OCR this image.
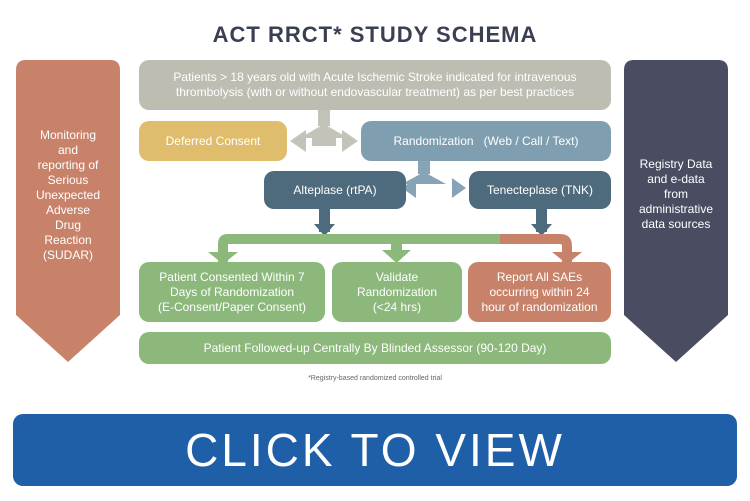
ACT RRCT* STUDY SCHEMA
Monitoring
and
reporting of
Serious
Unexpected
Adverse
Drug
Reaction
(SUDAR)
Registry Data
and e-data
from
administrative
data sources
Patients > 18 years old with Acute Ischemic Stroke indicated for intravenous
thrombolysis (with or without endovascular treatment) as per best practices
Deferred Consent	Randomization   (Web / Call / Text)
Alteplase (rtPA)	Tenecteplase (TNK)
Patient Consented Within 7
Days of Randomization
(E-Consent/Paper Consent)
Validate
Randomization
(<24 hrs)
Report All SAEs
occurring within 24
hour of randomization
Patient Followed-up Centrally By Blinded Assessor (90-120 Day)
*Registry-based randomized controlled trial
CLICK TO VIEW
